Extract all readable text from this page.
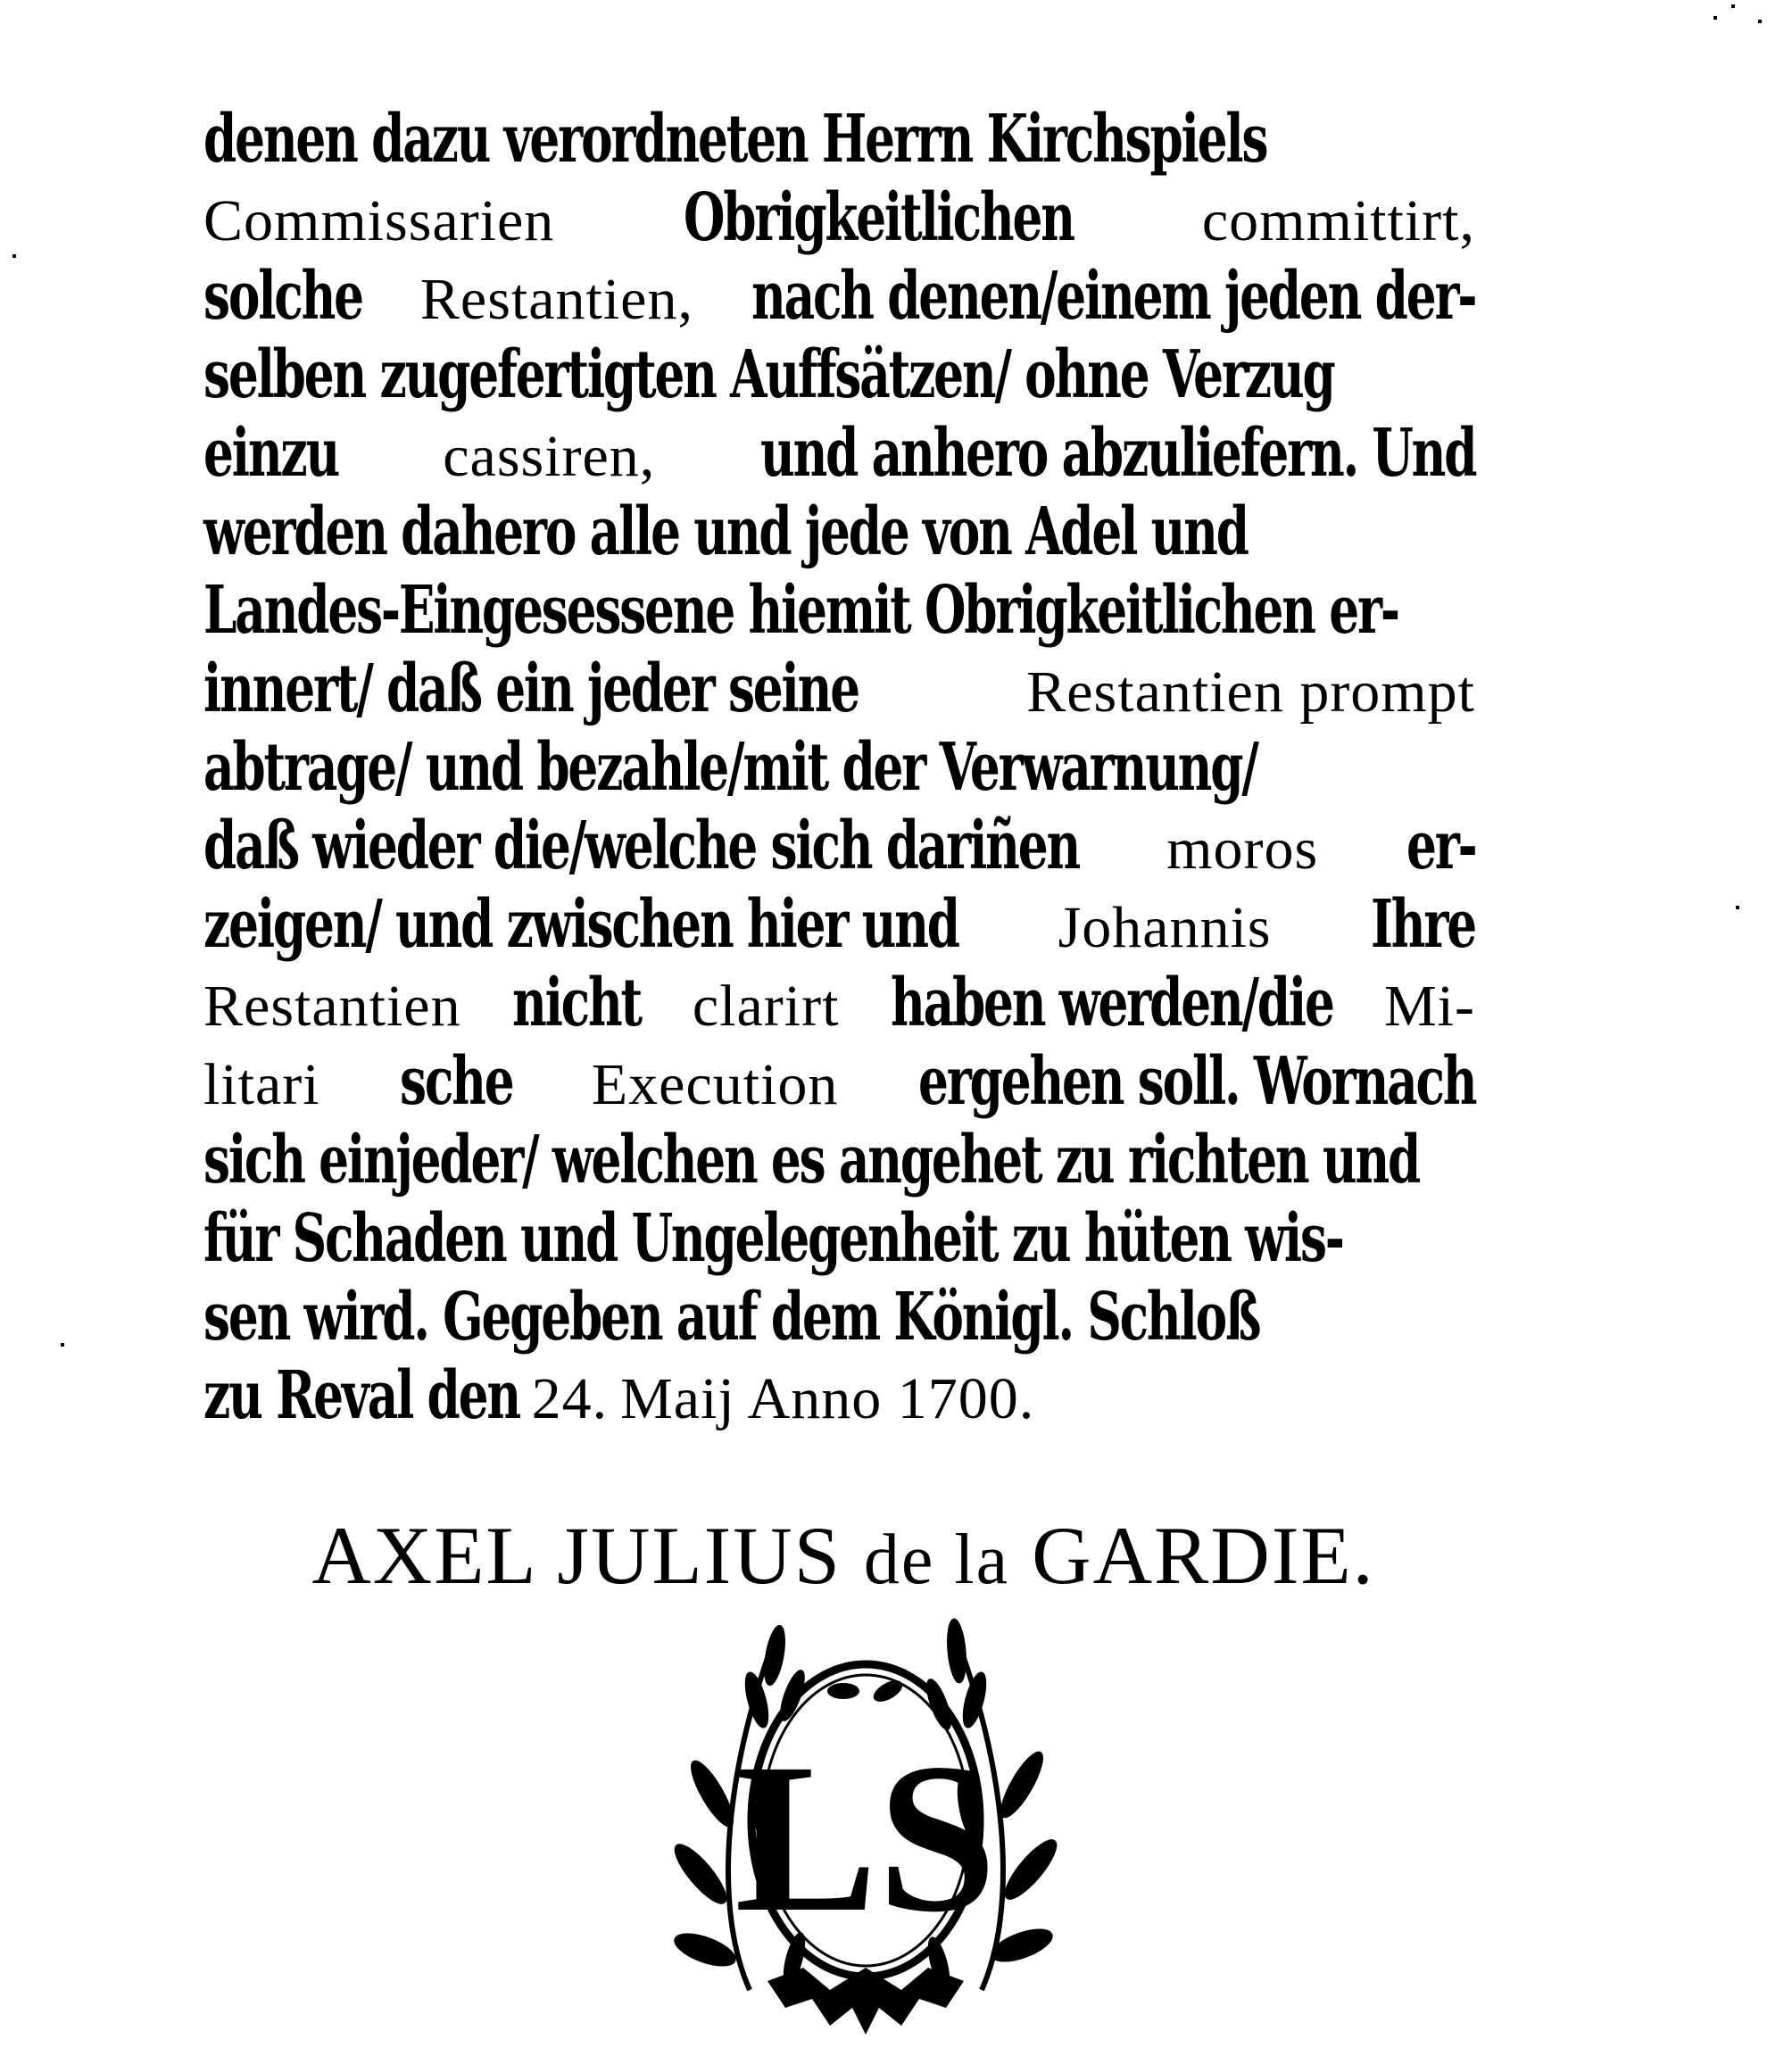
denen dazu verordneten Herrn Kirchspiels
Commissarien Obrigkeitlichen committirt,
solche Restantien, nach denen/einem jeden der-
selben zugefertigten Auffsätzen/ ohne Verzug
einzu cassiren, und anhero abzuliefern. Und
werden dahero alle und jede von Adel und
Landes-Eingesessene hiemit Obrigkeitlichen er-
innert/ daß ein jeder seine	Restantien prompt
abtrage/ und bezahle/mit der Verwarnung/
daß wieder die/welche sich dariñen moros er-
zeigen/ und zwischen hier und Johannis Ihre
Restantien nicht clarirt haben werden/die Mi-
litari sche Execution ergehen soll. Wornach
sich einjeder/ welchen es angehet zu richten und
für Schaden und Ungelegenheit zu hüten wis-
sen wird. Gegeben auf dem Königl. Schloß
zu Reval den 24. Maij Anno 1700.
AXEL JULIUS de la GARDIE.
LS
